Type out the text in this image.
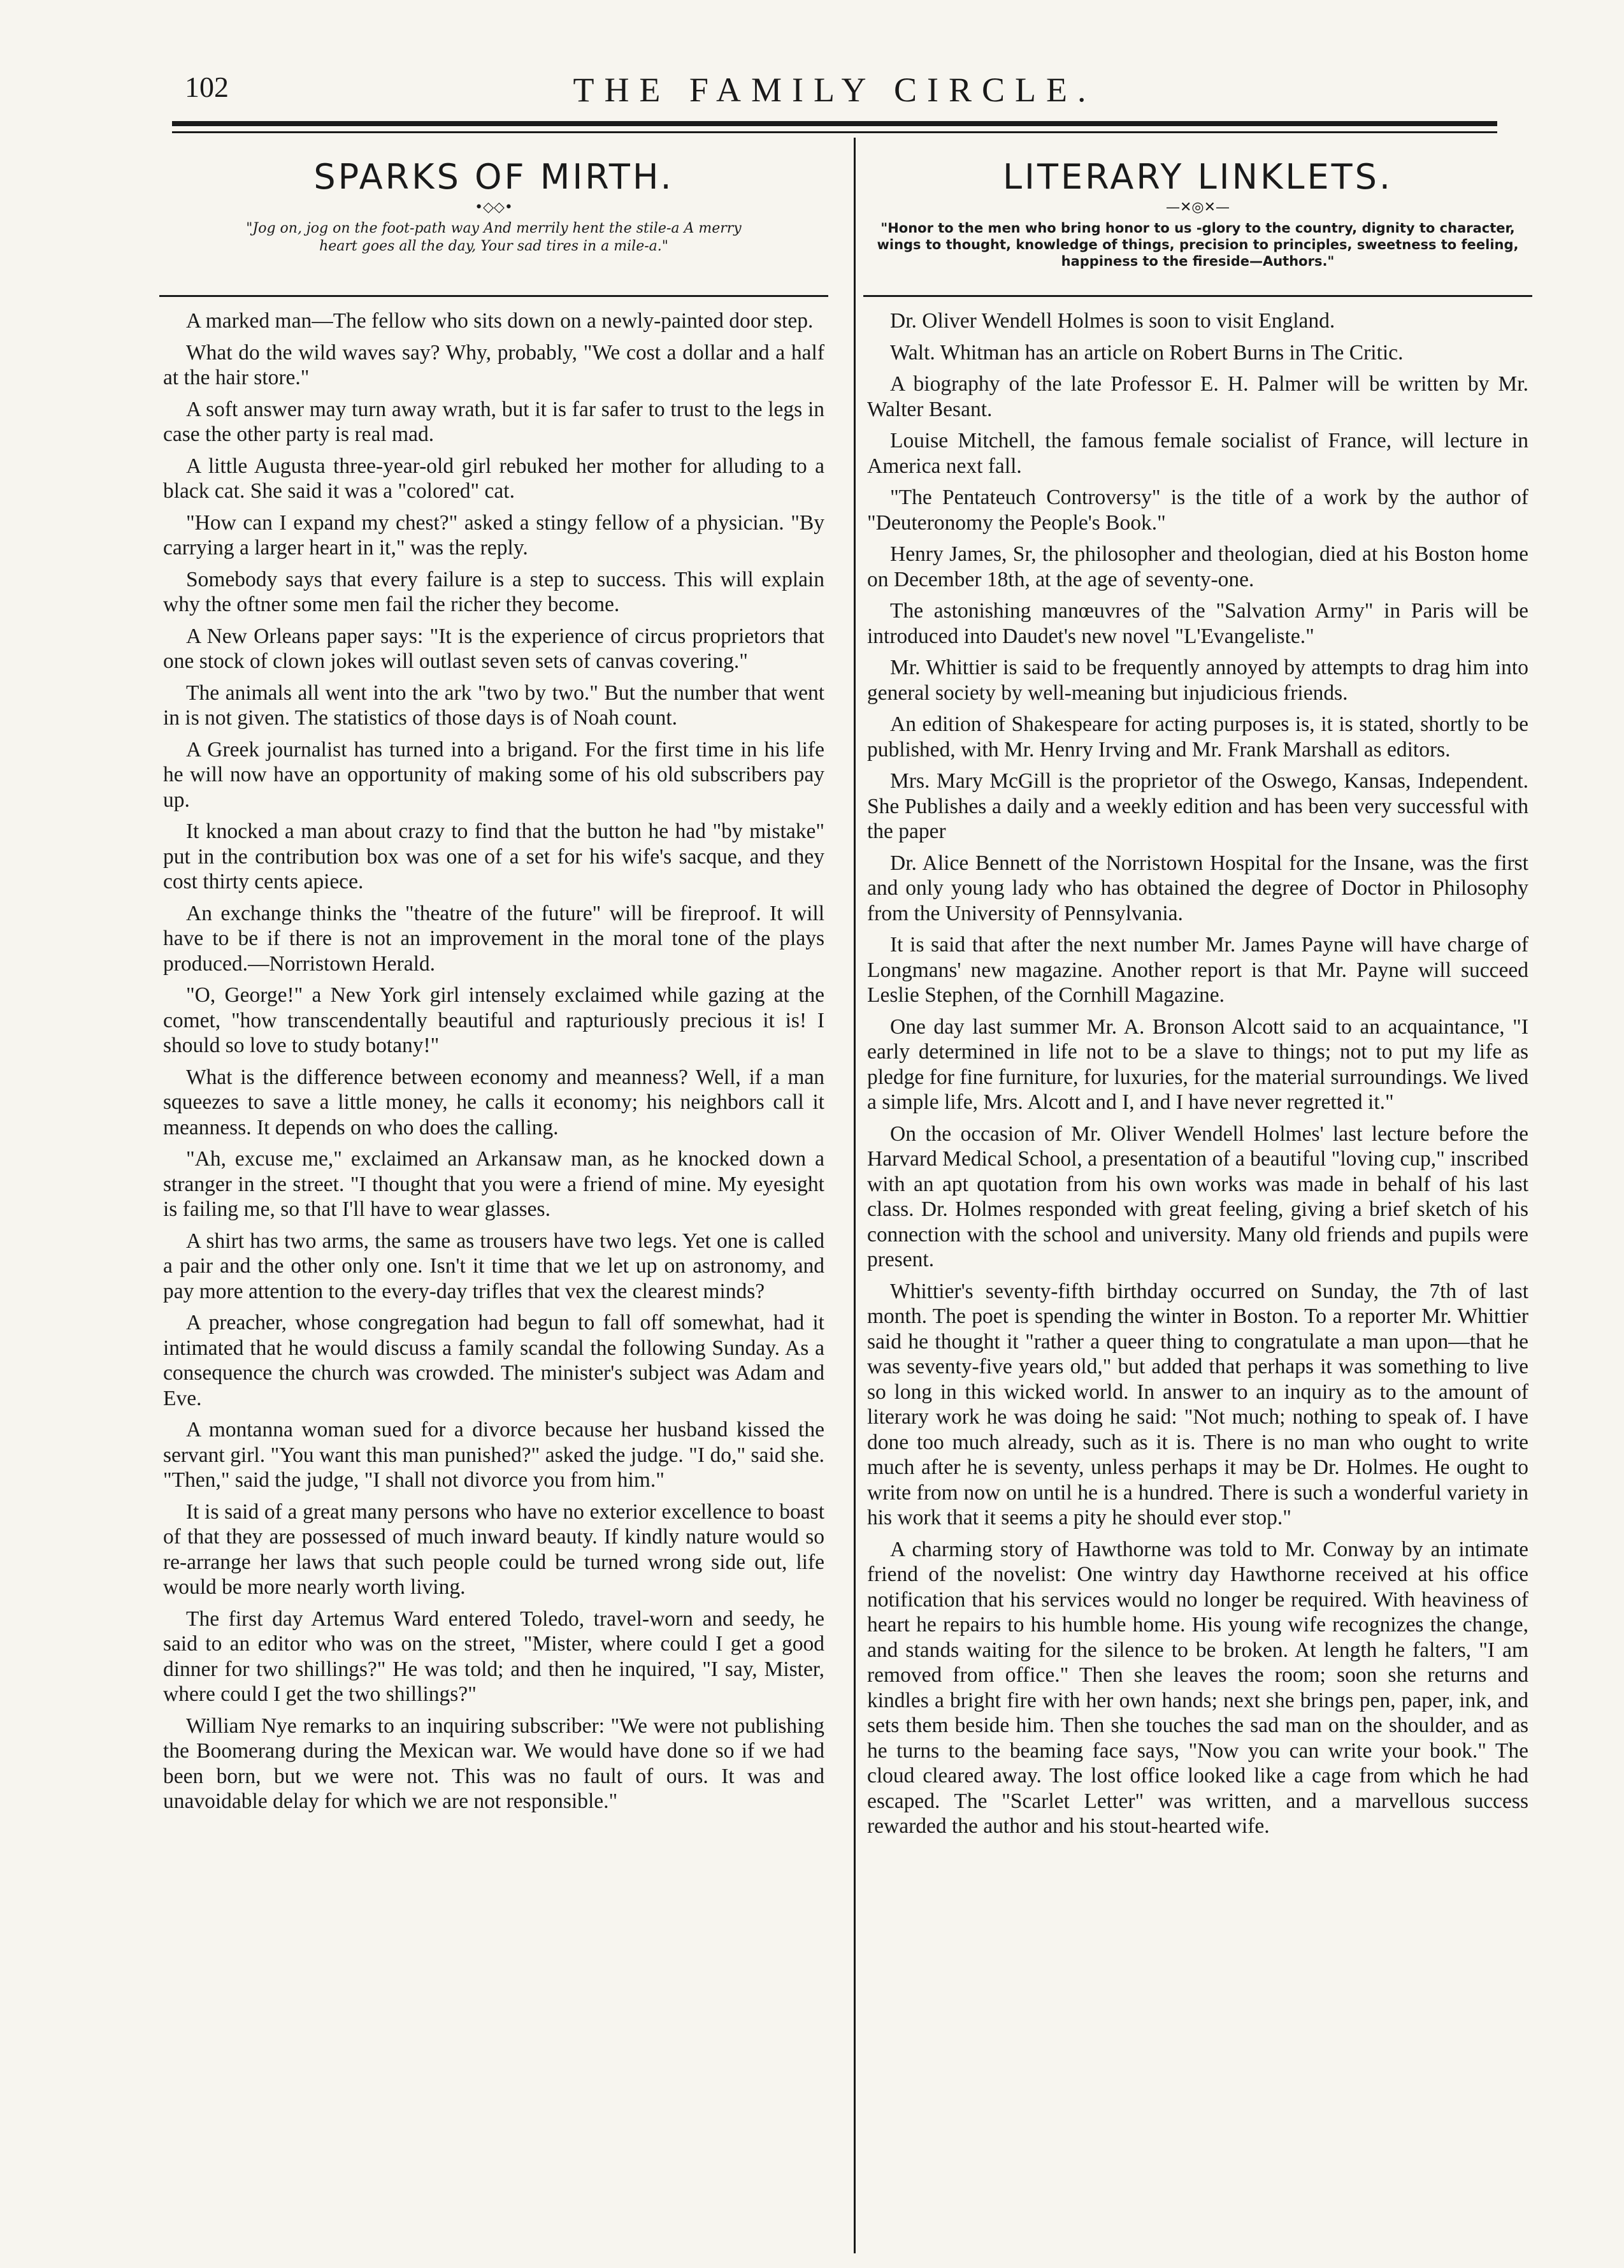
102	THE FAMILY CIRCLE.
SPARKS OF MIRTH.
•◇◇•
"Jog on, jog on the foot-path way And merrily hent the stile-a A merry heart goes all the day, Your sad tires in a mile-a."

A marked man—The fellow who sits down on a newly-painted door step.

What do the wild waves say? Why, probably, "We cost a dollar and a half at the hair store."

A soft answer may turn away wrath, but it is far safer to trust to the legs in case the other party is real mad.

A little Augusta three-year-old girl rebuked her mother for alluding to a black cat. She said it was a "colored" cat.

"How can I expand my chest?" asked a stingy fellow of a physician. "By carrying a larger heart in it," was the reply.

Somebody says that every failure is a step to success. This will explain why the oftner some men fail the richer they become.

A New Orleans paper says: "It is the experience of circus proprietors that one stock of clown jokes will outlast seven sets of canvas covering."

The animals all went into the ark "two by two." But the number that went in is not given. The statistics of those days is of Noah count.

A Greek journalist has turned into a brigand. For the first time in his life he will now have an opportunity of making some of his old subscribers pay up.

It knocked a man about crazy to find that the button he had "by mistake" put in the contribution box was one of a set for his wife's sacque, and they cost thirty cents apiece.

An exchange thinks the "theatre of the future" will be fireproof. It will have to be if there is not an improvement in the moral tone of the plays produced.—Norristown Herald.

"O, George!" a New York girl intensely exclaimed while gazing at the comet, "how transcendentally beautiful and rapturiously precious it is! I should so love to study botany!"

What is the difference between economy and meanness? Well, if a man squeezes to save a little money, he calls it economy; his neighbors call it meanness. It depends on who does the calling.

"Ah, excuse me," exclaimed an Arkansaw man, as he knocked down a stranger in the street. "I thought that you were a friend of mine. My eyesight is failing me, so that I'll have to wear glasses.

A shirt has two arms, the same as trousers have two legs. Yet one is called a pair and the other only one. Isn't it time that we let up on astronomy, and pay more attention to the every-day trifles that vex the clearest minds?

A preacher, whose congregation had begun to fall off somewhat, had it intimated that he would discuss a family scandal the following Sunday. As a consequence the church was crowded. The minister's subject was Adam and Eve.

A montanna woman sued for a divorce because her husband kissed the servant girl. "You want this man punished?" asked the judge. "I do," said she. "Then," said the judge, "I shall not divorce you from him."

It is said of a great many persons who have no exterior excellence to boast of that they are possessed of much inward beauty. If kindly nature would so re-arrange her laws that such people could be turned wrong side out, life would be more nearly worth living.

The first day Artemus Ward entered Toledo, travel-worn and seedy, he said to an editor who was on the street, "Mister, where could I get a good dinner for two shillings?" He was told; and then he inquired, "I say, Mister, where could I get the two shillings?"

William Nye remarks to an inquiring subscriber: "We were not publishing the Boomerang during the Mexican war. We would have done so if we had been born, but we were not. This was no fault of ours. It was and unavoidable delay for which we are not responsible."

LITERARY LINKLETS.
—✕◎✕—
"Honor to the men who bring honor to us -glory to the country, dignity to character, wings to thought, knowledge of things, precision to principles, sweetness to feeling, happiness to the fireside—Authors."

Dr. Oliver Wendell Holmes is soon to visit England.

Walt. Whitman has an article on Robert Burns in The Critic.

A biography of the late Professor E. H. Palmer will be written by Mr. Walter Besant.

Louise Mitchell, the famous female socialist of France, will lecture in America next fall.

"The Pentateuch Controversy" is the title of a work by the author of "Deuteronomy the People's Book."

Henry James, Sr, the philosopher and theologian, died at his Boston home on December 18th, at the age of seventy-one.

The astonishing manœuvres of the "Salvation Army" in Paris will be introduced into Daudet's new novel "L'Evangeliste."

Mr. Whittier is said to be frequently annoyed by attempts to drag him into general society by well-meaning but injudicious friends.

An edition of Shakespeare for acting purposes is, it is stated, shortly to be published, with Mr. Henry Irving and Mr. Frank Marshall as editors.

Mrs. Mary McGill is the proprietor of the Oswego, Kansas, Independent. She Publishes a daily and a weekly edition and has been very successful with the paper

Dr. Alice Bennett of the Norristown Hospital for the Insane, was the first and only young lady who has obtained the degree of Doctor in Philosophy from the University of Pennsylvania.

It is said that after the next number Mr. James Payne will have charge of Longmans' new magazine. Another report is that Mr. Payne will succeed Leslie Stephen, of the Cornhill Magazine.

One day last summer Mr. A. Bronson Alcott said to an acquaintance, "I early determined in life not to be a slave to things; not to put my life as pledge for fine furniture, for luxuries, for the material surroundings. We lived a simple life, Mrs. Alcott and I, and I have never regretted it."

On the occasion of Mr. Oliver Wendell Holmes' last lecture before the Harvard Medical School, a presentation of a beautiful "loving cup," inscribed with an apt quotation from his own works was made in behalf of his last class. Dr. Holmes responded with great feeling, giving a brief sketch of his connection with the school and university. Many old friends and pupils were present.

Whittier's seventy-fifth birthday occurred on Sunday, the 7th of last month. The poet is spending the winter in Boston. To a reporter Mr. Whittier said he thought it "rather a queer thing to congratulate a man upon—that he was seventy-five years old," but added that perhaps it was something to live so long in this wicked world. In answer to an inquiry as to the amount of literary work he was doing he said: "Not much; nothing to speak of. I have done too much already, such as it is. There is no man who ought to write much after he is seventy, unless perhaps it may be Dr. Holmes. He ought to write from now on until he is a hundred. There is such a wonderful variety in his work that it seems a pity he should ever stop."

A charming story of Hawthorne was told to Mr. Conway by an intimate friend of the novelist: One wintry day Hawthorne received at his office notification that his services would no longer be required. With heaviness of heart he repairs to his humble home. His young wife recognizes the change, and stands waiting for the silence to be broken. At length he falters, "I am removed from office." Then she leaves the room; soon she returns and kindles a bright fire with her own hands; next she brings pen, paper, ink, and sets them beside him. Then she touches the sad man on the shoulder, and as he turns to the beaming face says, "Now you can write your book." The cloud cleared away. The lost office looked like a cage from which he had escaped. The "Scarlet Letter" was written, and a marvellous success rewarded the author and his stout-hearted wife.
